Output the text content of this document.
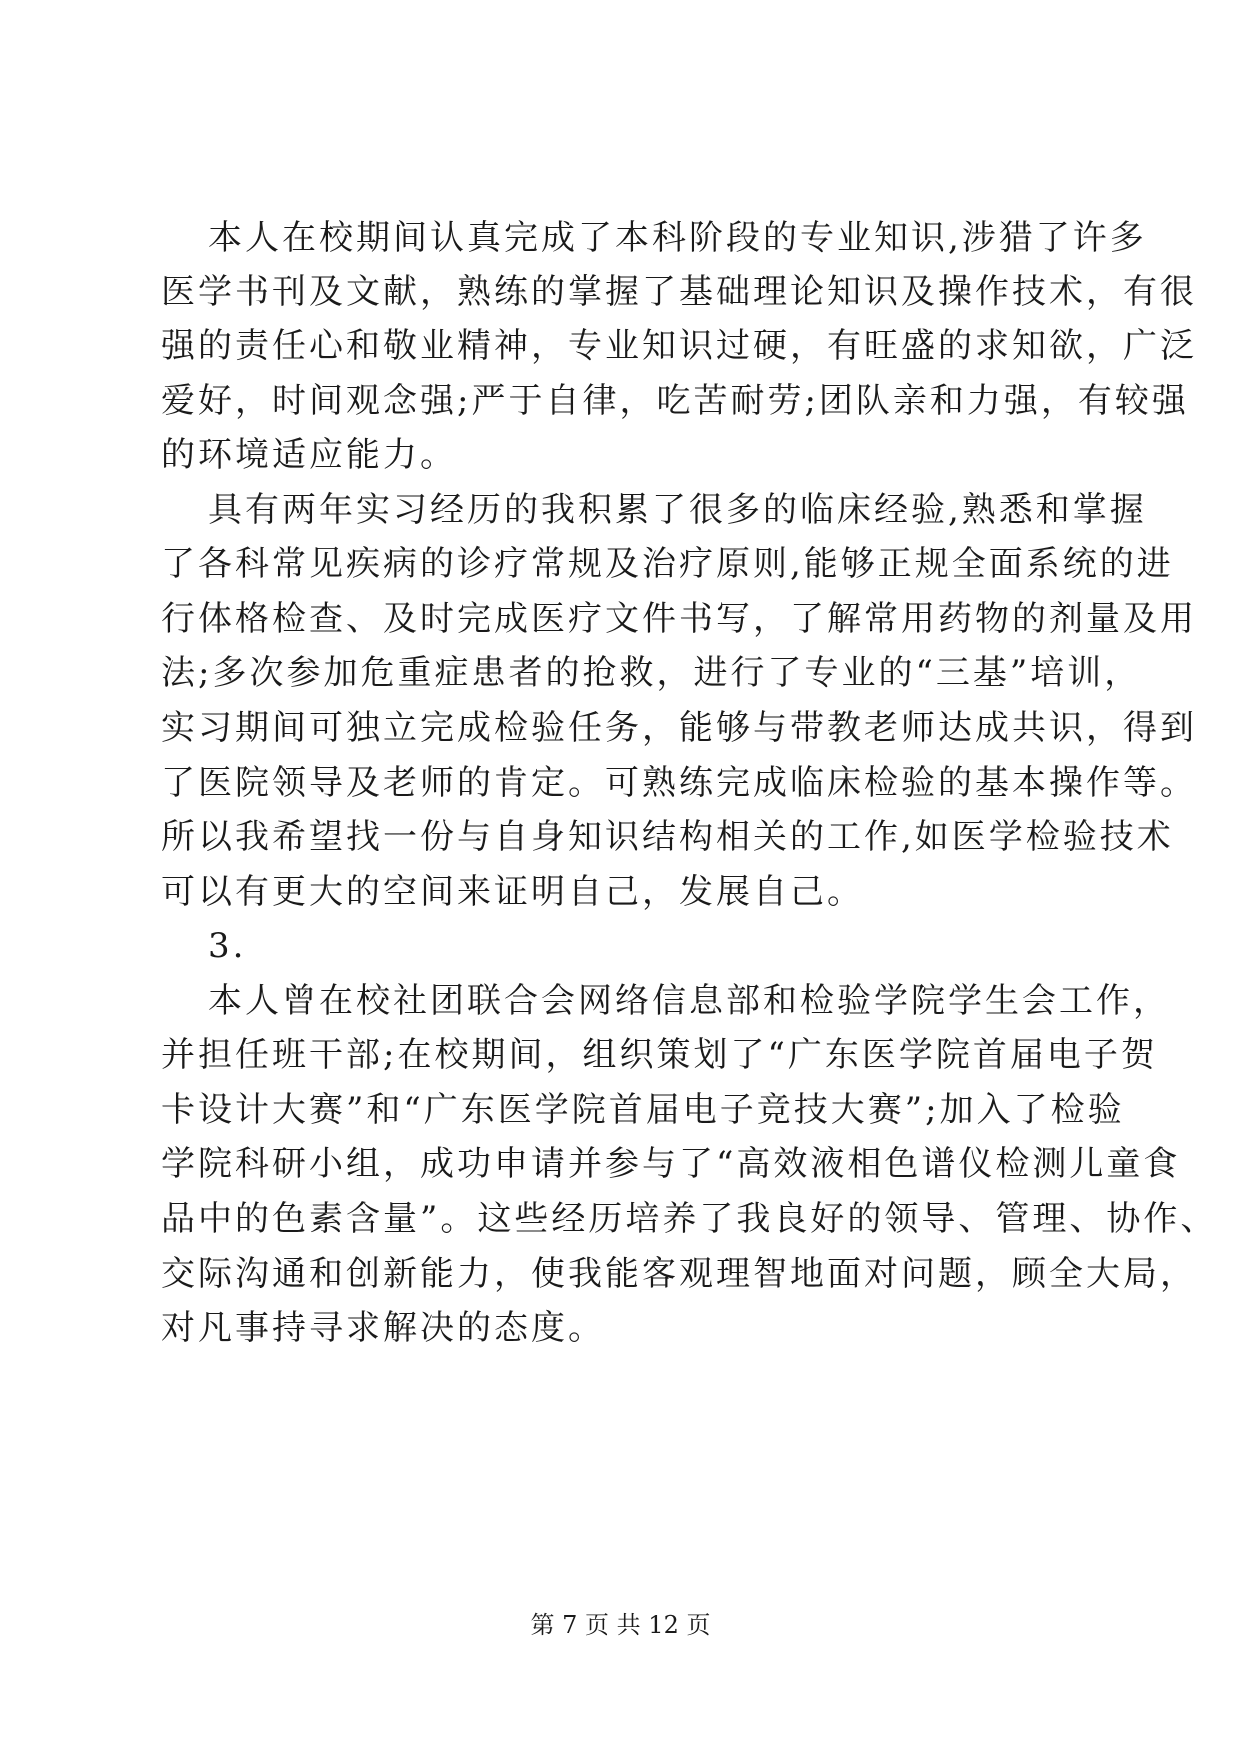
本人在校期间认真完成了本科阶段的专业知识,涉猎了许多
医学书刊及文献，熟练的掌握了基础理论知识及操作技术，有很
强的责任心和敬业精神，专业知识过硬，有旺盛的求知欲，广泛
爱好，时间观念强;严于自律，吃苦耐劳;团队亲和力强，有较强
的环境适应能力。
具有两年实习经历的我积累了很多的临床经验,熟悉和掌握
了各科常见疾病的诊疗常规及治疗原则,能够正规全面系统的进
行体格检查、及时完成医疗文件书写，了解常用药物的剂量及用
法;多次参加危重症患者的抢救，进行了专业的“三基”培训，
实习期间可独立完成检验任务，能够与带教老师达成共识，得到
了医院领导及老师的肯定。可熟练完成临床检验的基本操作等。
所以我希望找一份与自身知识结构相关的工作,如医学检验技术
可以有更大的空间来证明自己，发展自己。
3.
本人曾在校社团联合会网络信息部和检验学院学生会工作，
并担任班干部;在校期间，组织策划了“广东医学院首届电子贺
卡设计大赛”和“广东医学院首届电子竞技大赛”;加入了检验
学院科研小组，成功申请并参与了“高效液相色谱仪检测儿童食
品中的色素含量”。这些经历培养了我良好的领导、管理、协作、
交际沟通和创新能力，使我能客观理智地面对问题，顾全大局，
对凡事持寻求解决的态度。
第 7 页 共 12 页
